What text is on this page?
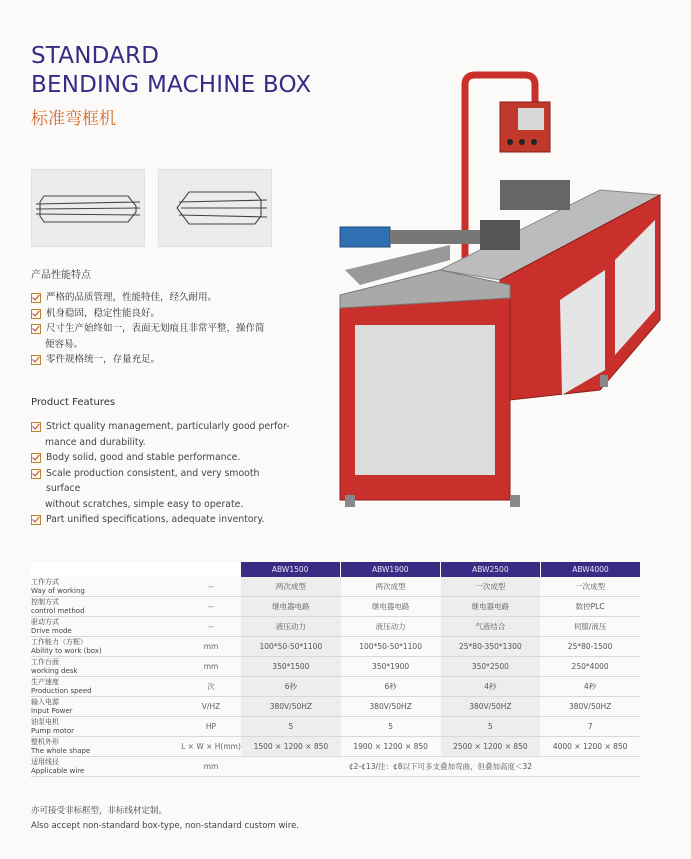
STANDARD
BENDING MACHINE BOX
标准弯框机
产品性能特点
严格的品质管理，性能特佳，经久耐用。
机身稳固，稳定性能良好。
尺寸生产始终如一，表面无划痕且非常平整，操作简
便容易。
零件规格统一，存量充足。
Product Features
Strict quality management, particularly good perfor-
mance and durability.
Body solid, good and stable performance.
Scale production consistent, and very smooth surface
without scratches, simple easy to operate.
Part unified specifications, adequate inventory.
ABW1500	ABW1900	ABW2500	ABW4000
工作方式
Way of working	--	两次成型	两次成型	一次成型	一次成型
控制方式
control method	--	继电器电路	继电器电路	继电器电路	数控PLC
驱动方式
Drive mode	--	液压动力	液压动力	气液结合	伺服/液压
工作能力（方框）
Ability to work (box)	mm	100*50-50*1100	100*50-50*1100	25*80-350*1300	25*80-1500
工作台面
working desk	mm	350*1500	350*1900	350*2500	250*4000
生产速度
Production speed	次	6秒	6秒	4秒	4秒
输入电源
Input Power	V/HZ	380V/50HZ	380V/50HZ	380V/50HZ	380V/50HZ
油泵电机
Pump motor	HP	5	5	5	7
整机外形
The whole shape	L × W × H(mm)	1500 × 1200 × 850	1900 × 1200 × 850	2500 × 1200 × 850	4000 × 1200 × 850
适用线径
Applicable wire	mm	¢2-¢13/注：¢8以下可多支叠加弯曲，但叠加高度＜32
亦可接受非标框型，非标线材定制。
Also accept non-standard box-type, non-standard custom wire.
